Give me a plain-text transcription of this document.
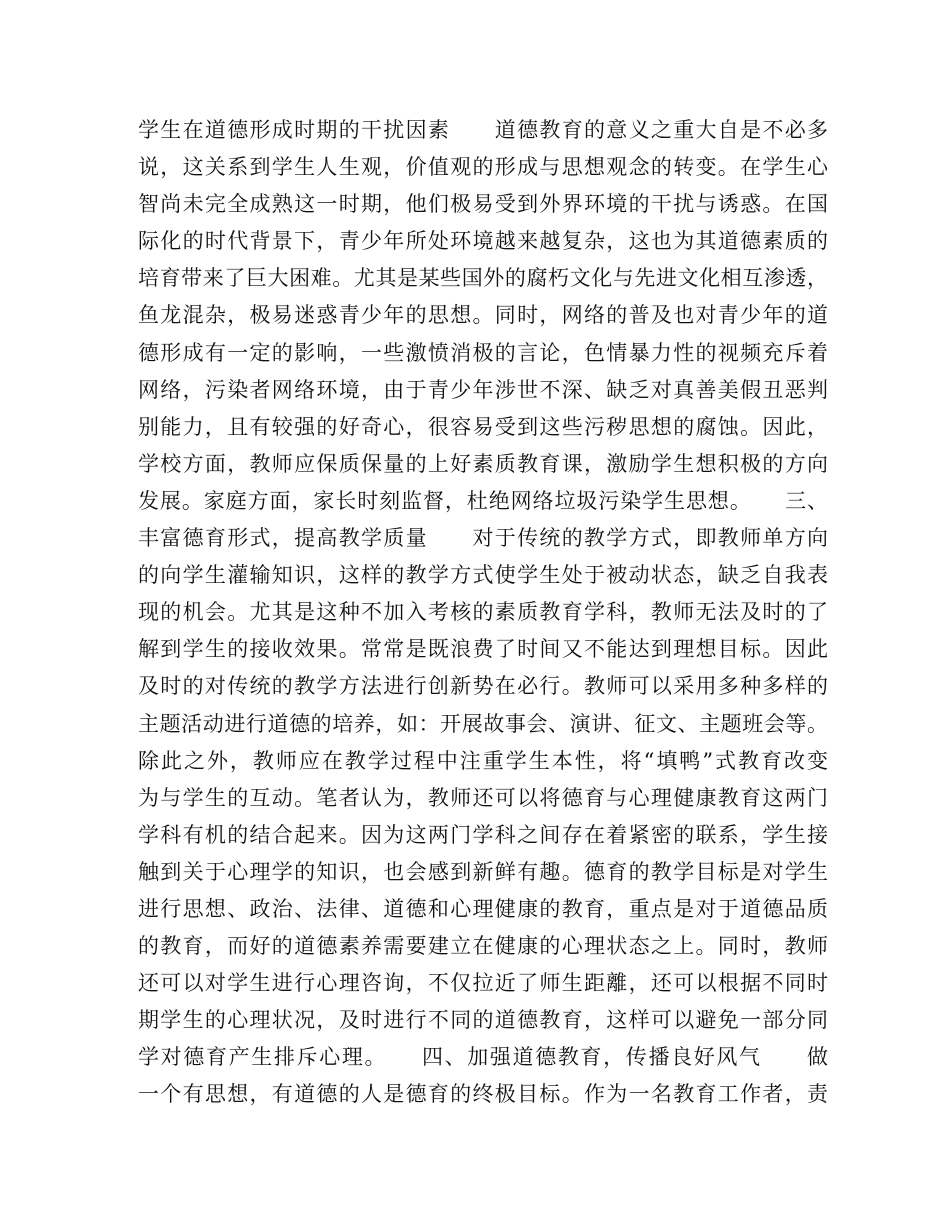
学生在道德形成时期的干扰因素　　道德教育的意义之重大自是不必多
说，这关系到学生人生观，价值观的形成与思想观念的转变。在学生心
智尚未完全成熟这一时期，他们极易受到外界环境的干扰与诱惑。在国
际化的时代背景下，青少年所处环境越来越复杂，这也为其道德素质的
培育带来了巨大困难。尤其是某些国外的腐朽文化与先进文化相互渗透，
鱼龙混杂，极易迷惑青少年的思想。同时，网络的普及也对青少年的道
德形成有一定的影响，一些激愤消极的言论，色情暴力性的视频充斥着
网络，污染者网络环境，由于青少年涉世不深、缺乏对真善美假丑恶判
别能力，且有较强的好奇心，很容易受到这些污秽思想的腐蚀。因此，
学校方面，教师应保质保量的上好素质教育课，激励学生想积极的方向
发展。家庭方面，家长时刻监督，杜绝网络垃圾污染学生思想。　　三、
丰富德育形式，提高教学质量　　对于传统的教学方式，即教师单方向
的向学生灌输知识，这样的教学方式使学生处于被动状态，缺乏自我表
现的机会。尤其是这种不加入考核的素质教育学科，教师无法及时的了
解到学生的接收效果。常常是既浪费了时间又不能达到理想目标。因此
及时的对传统的教学方法进行创新势在必行。教师可以采用多种多样的
主题活动进行道德的培养，如：开展故事会、演讲、征文、主题班会等。
除此之外，教师应在教学过程中注重学生本性，将“填鸭”式教育改变
为与学生的互动。笔者认为，教师还可以将德育与心理健康教育这两门
学科有机的结合起来。因为这两门学科之间存在着紧密的联系，学生接
触到关于心理学的知识，也会感到新鲜有趣。德育的教学目标是对学生
进行思想、政治、法律、道德和心理健康的教育，重点是对于道德品质
的教育，而好的道德素养需要建立在健康的心理状态之上。同时，教师
还可以对学生进行心理咨询，不仅拉近了师生距離，还可以根据不同时
期学生的心理状况，及时进行不同的道德教育，这样可以避免一部分同
学对德育产生排斥心理。　　四、加强道德教育，传播良好风气　　做
一个有思想，有道德的人是德育的终极目标。作为一名教育工作者，责
